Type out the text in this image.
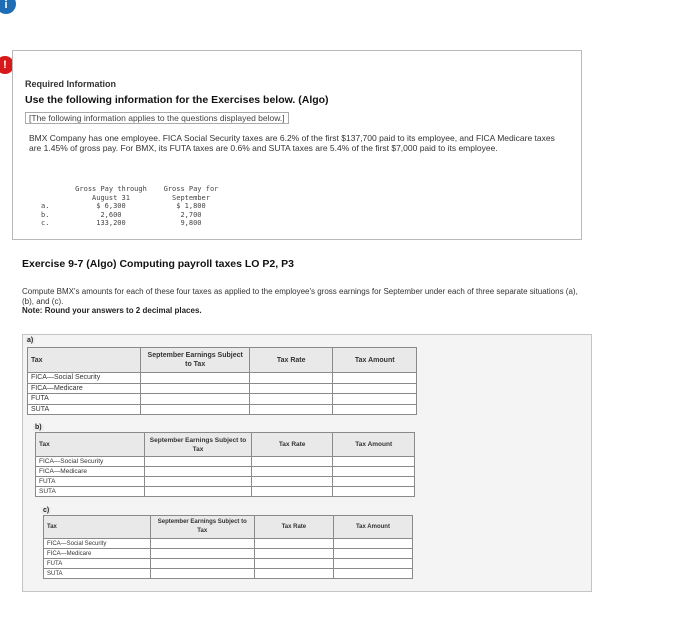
i
!
Required Information
Use the following information for the Exercises below. (Algo)
[The following information applies to the questions displayed below.]
BMX Company has one employee. FICA Social Security taxes are 6.2% of the first $137,700 paid to its employee, and FICA Medicare taxes are 1.45% of gross pay. For BMX, its FUTA taxes are 0.6% and SUTA taxes are 5.4% of the first $7,000 paid to its employee.
Gross Pay through
August 31
Gross Pay for
September
a.	$ 6,300	$ 1,800
b.	2,600	2,700
c.	133,200	9,800
Exercise 9-7 (Algo) Computing payroll taxes LO P2, P3
Compute BMX's amounts for each of these four taxes as applied to the employee's gross earnings for September under each of three separate situations (a), (b), and (c).
Note: Round your answers to 2 decimal places.
a)
Tax	September Earnings Subject to Tax	Tax Rate	Tax Amount
FICA—Social Security			
FICA—Medicare			
FUTA			
SUTA			
b)
Tax	September Earnings Subject to Tax	Tax Rate	Tax Amount
FICA—Social Security			
FICA—Medicare			
FUTA			
SUTA			
c)
Tax	September Earnings Subject to Tax	Tax Rate	Tax Amount
FICA—Social Security			
FICA—Medicare			
FUTA			
SUTA			
